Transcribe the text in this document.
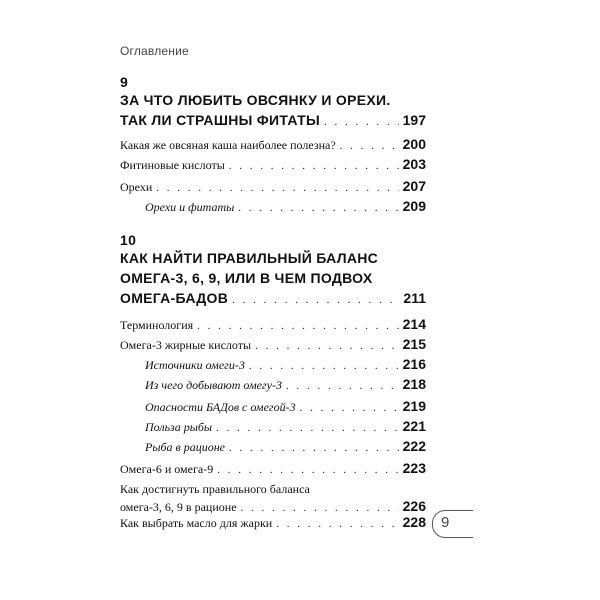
Оглавление
9
ЗА ЧТО ЛЮБИТЬ ОВСЯНКУ И ОРЕХИ.
ТАК ЛИ СТРАШНЫ ФИТАТЫ . . .	197
Какая же овсяная каша наиболее полезна? . . .	200
Фитиновые кислоты . . .	203
Орехи . . .	207
Орехи и фитаты . . .	209
10
КАК НАЙТИ ПРАВИЛЬНЫЙ БАЛАНС
ОМЕГА-3, 6, 9, ИЛИ В ЧЕМ ПОДВОХ
ОМЕГА-БАДОВ . . .	211
Терминология . . .	214
Омега-3 жирные кислоты . . .	215
Источники омеги-3 . . .	216
Из чего добывают омегу-3 . . .	218
Опасности БАДов с омегой-3 . . .	219
Польза рыбы . . .	221
Рыба в рационе . . .	222
Омега-6 и омега-9 . . .	223
Как достигнуть правильного баланса
омега-3, 6, 9 в рационе . . .	226
Как выбрать масло для жарки . . .	228 9
